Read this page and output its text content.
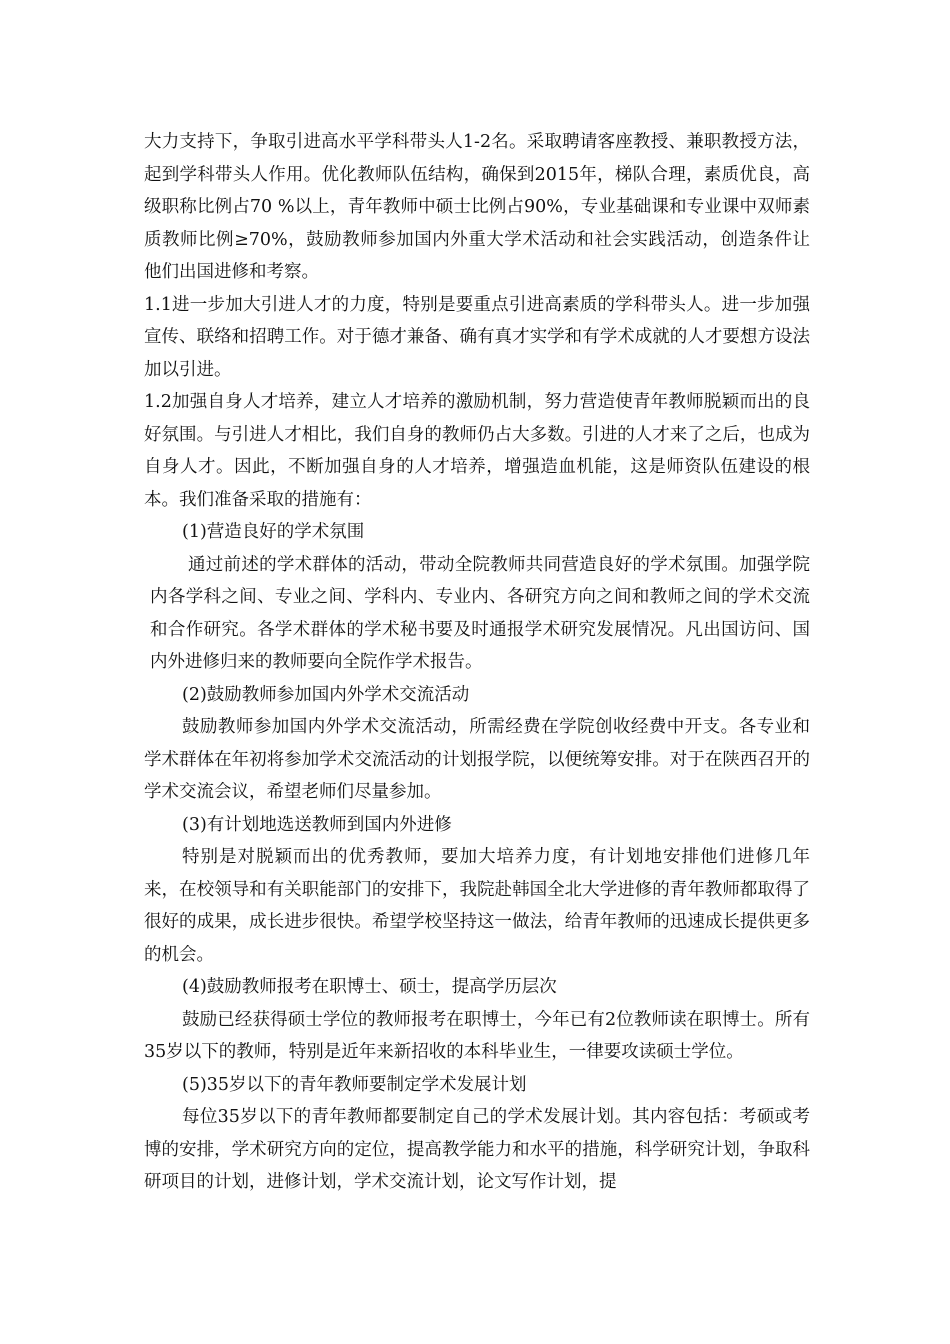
大力支持下，争取引进高水平学科带头人1-2名。采取聘请客座教授、兼职教授方法，起到学科带头人作用。优化教师队伍结构，确保到2015年，梯队合理，素质优良，高级职称比例占70 %以上，青年教师中硕士比例占90%，专业基础课和专业课中双师素质教师比例≥70%，鼓励教师参加国内外重大学术活动和社会实践活动，创造条件让他们出国进修和考察。

1.1进一步加大引进人才的力度，特别是要重点引进高素质的学科带头人。进一步加强宣传、联络和招聘工作。对于德才兼备、确有真才实学和有学术成就的人才要想方设法加以引进。

1.2加强自身人才培养，建立人才培养的激励机制，努力营造使青年教师脱颖而出的良好氛围。与引进人才相比，我们自身的教师仍占大多数。引进的人才来了之后，也成为自身人才。因此，不断加强自身的人才培养，增强造血机能，这是师资队伍建设的根本。我们准备采取的措施有：

(1)营造良好的学术氛围

通过前述的学术群体的活动，带动全院教师共同营造良好的学术氛围。加强学院内各学科之间、专业之间、学科内、专业内、各研究方向之间和教师之间的学术交流和合作研究。各学术群体的学术秘书要及时通报学术研究发展情况。凡出国访问、国内外进修归来的教师要向全院作学术报告。

(2)鼓励教师参加国内外学术交流活动

鼓励教师参加国内外学术交流活动，所需经费在学院创收经费中开支。各专业和学术群体在年初将参加学术交流活动的计划报学院，以便统筹安排。对于在陕西召开的学术交流会议，希望老师们尽量参加。

(3)有计划地选送教师到国内外进修

特别是对脱颖而出的优秀教师，要加大培养力度，有计划地安排他们进修几年来，在校领导和有关职能部门的安排下，我院赴韩国全北大学进修的青年教师都取得了很好的成果，成长进步很快。希望学校坚持这一做法，给青年教师的迅速成长提供更多的机会。

(4)鼓励教师报考在职博士、硕士，提高学历层次

鼓励已经获得硕士学位的教师报考在职博士，今年已有2位教师读在职博士。所有35岁以下的教师，特别是近年来新招收的本科毕业生，一律要攻读硕士学位。

(5)35岁以下的青年教师要制定学术发展计划

每位35岁以下的青年教师都要制定自己的学术发展计划。其内容包括：考硕或考博的安排，学术研究方向的定位，提高教学能力和水平的措施，科学研究计划，争取科研项目的计划，进修计划，学术交流计划，论文写作计划，提
